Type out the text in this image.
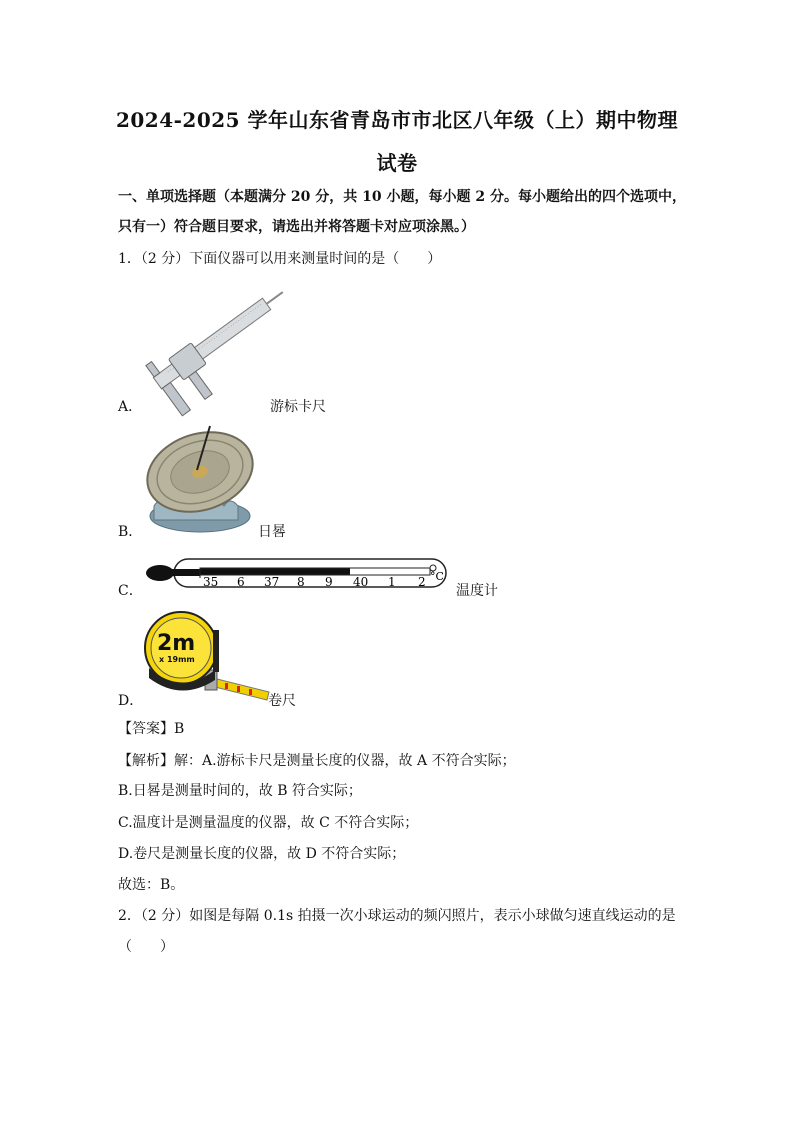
2024-2025 学年山东省青岛市市北区八年级（上）期中物理
试卷
一、单项选择题（本题满分 20 分，共 10 小题，每小题 2 分。每小题给出的四个选项中，只有一）符合题目要求，请选出并将答题卡对应项涂黑。）
1．（2 分）下面仪器可以用来测量时间的是（　　）
A．	游标卡尺
B．	日晷
C．
35 6 37 8 9 40 1 2 °C
温度计
D．
2m
x 19mm
卷尺
【答案】B
【解析】解：A.游标卡尺是测量长度的仪器，故 A 不符合实际；
B.日晷是测量时间的，故 B 符合实际；
C.温度计是测量温度的仪器，故 C 不符合实际；
D.卷尺是测量长度的仪器，故 D 不符合实际；
故选：B。
2．（2 分）如图是每隔 0.1s 拍摄一次小球运动的频闪照片，表示小球做匀速直线运动的是
（　　）
